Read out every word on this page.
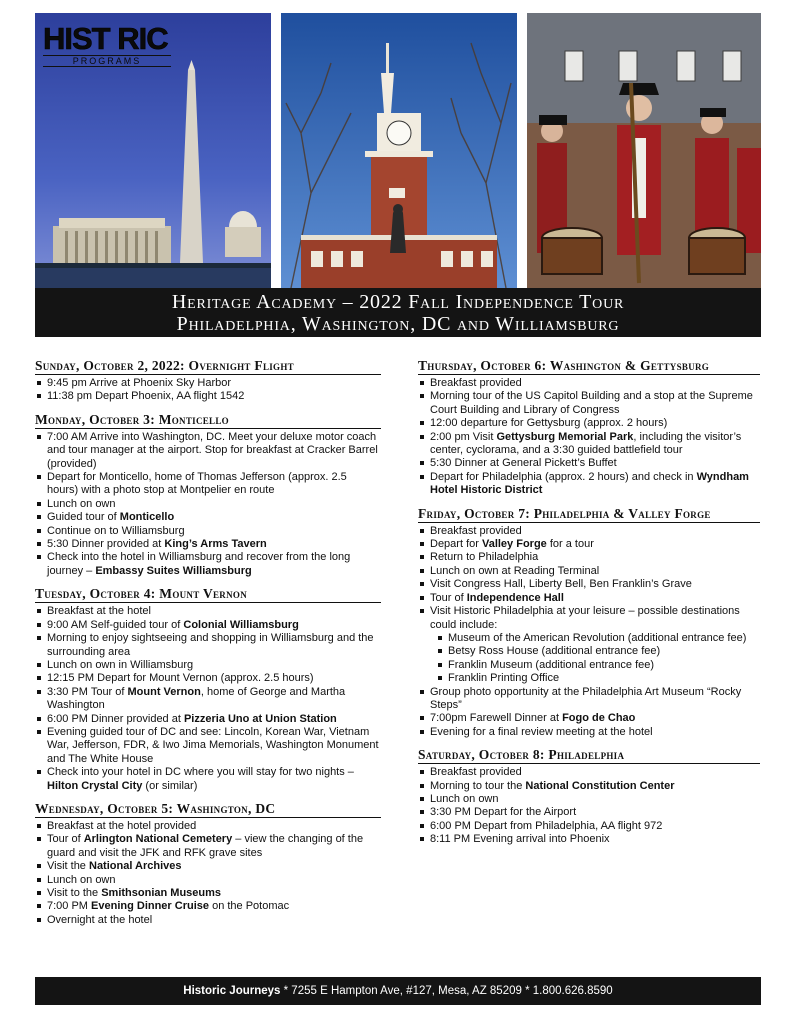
HIST RIC
PROGRAMS
Heritage Academy – 2022 Fall Independence Tour
Philadelphia, Washington, DC and Williamsburg
Sunday, October 2, 2022: Overnight Flight
9:45 pm Arrive at Phoenix Sky Harbor
11:38 pm Depart Phoenix, AA flight 1542
Monday, October 3: Monticello
7:00 AM Arrive into Washington, DC. Meet your deluxe motor coach and tour manager at the airport. Stop for breakfast at Cracker Barrel (provided)
Depart for Monticello, home of Thomas Jefferson (approx. 2.5 hours) with a photo stop at Montpelier en route
Lunch on own
Guided tour of Monticello
Continue on to Williamsburg
5:30 Dinner provided at King’s Arms Tavern
Check into the hotel in Williamsburg and recover from the long journey – Embassy Suites Williamsburg
Tuesday, October 4: Mount Vernon
Breakfast at the hotel
9:00 AM Self-guided tour of Colonial Williamsburg
Morning to enjoy sightseeing and shopping in Williamsburg and the surrounding area
Lunch on own in Williamsburg
12:15 PM Depart for Mount Vernon (approx. 2.5 hours)
3:30 PM Tour of Mount Vernon, home of George and Martha Washington
6:00 PM Dinner provided at Pizzeria Uno at Union Station
Evening guided tour of DC and see: Lincoln, Korean War, Vietnam War, Jefferson, FDR, & Iwo Jima Memorials, Washington Monument and The White House
Check into your hotel in DC where you will stay for two nights – Hilton Crystal City (or similar)
Wednesday, October 5: Washington, DC
Breakfast at the hotel provided
Tour of Arlington National Cemetery – view the changing of the guard and visit the JFK and RFK grave sites
Visit the National Archives
Lunch on own
Visit to the Smithsonian Museums
7:00 PM Evening Dinner Cruise on the Potomac
Overnight at the hotel
Thursday, October 6: Washington & Gettysburg
Breakfast provided
Morning tour of the US Capitol Building and a stop at the Supreme Court Building and Library of Congress
12:00 departure for Gettysburg (approx. 2 hours)
2:00 pm Visit Gettysburg Memorial Park, including the visitor’s center, cyclorama, and a 3:30 guided battlefield tour
5:30 Dinner at General Pickett’s Buffet
Depart for Philadelphia (approx. 2 hours) and check in Wyndham Hotel Historic District
Friday, October 7: Philadelphia & Valley Forge
Breakfast provided
Depart for Valley Forge for a tour
Return to Philadelphia
Lunch on own at Reading Terminal
Visit Congress Hall, Liberty Bell, Ben Franklin’s Grave
Tour of Independence Hall
Visit Historic Philadelphia at your leisure – possible destinations could include:
Museum of the American Revolution (additional entrance fee)
Betsy Ross House (additional entrance fee)
Franklin Museum (additional entrance fee)
Franklin Printing Office
Group photo opportunity at the Philadelphia Art Museum “Rocky Steps”
7:00pm Farewell Dinner at Fogo de Chao
Evening for a final review meeting at the hotel
Saturday, October 8: Philadelphia
Breakfast provided
Morning to tour the National Constitution Center
Lunch on own
3:30 PM Depart for the Airport
6:00 PM Depart from Philadelphia, AA flight 972
8:11 PM Evening arrival into Phoenix
Historic Journeys * 7255 E Hampton Ave, #127, Mesa, AZ 85209 * 1.800.626.8590
